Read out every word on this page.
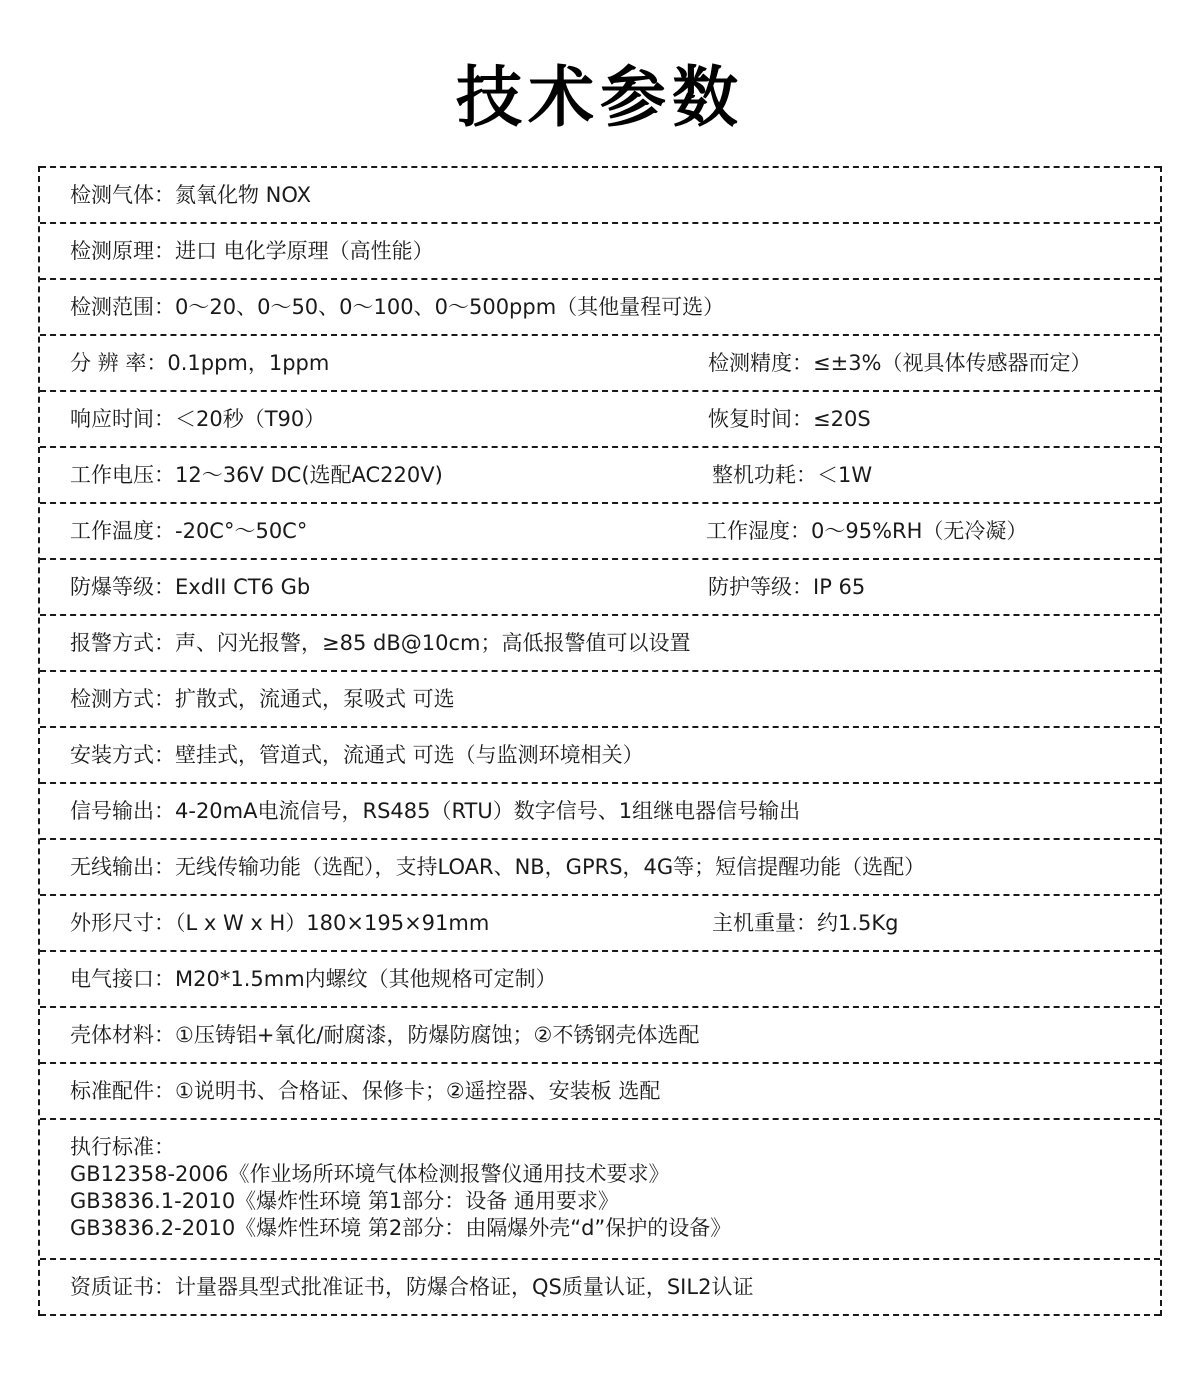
技术参数
检测气体：氮氧化物 NOX
检测原理：进口 电化学原理（高性能）
检测范围：0～20、0～50、0～100、0～500ppm（其他量程可选）
分 辨 率：0.1ppm，1ppm	检测精度：≤±3%（视具体传感器而定）
响应时间：＜20秒（T90）	恢复时间：≤20S
工作电压：12～36V DC(选配AC220V)	整机功耗：＜1W
工作温度：-20C°～50C°	工作湿度：0～95%RH（无冷凝）
防爆等级：ExdII CT6 Gb	防护等级：IP 65
报警方式：声、闪光报警，≥85 dB@10cm；高低报警值可以设置
检测方式：扩散式，流通式，泵吸式 可选
安装方式：壁挂式，管道式，流通式 可选（与监测环境相关）
信号输出：4-20mA电流信号，RS485（RTU）数字信号、1组继电器信号输出
无线输出：无线传输功能（选配），支持LOAR、NB，GPRS，4G等；短信提醒功能（选配）
外形尺寸：（L x W x H）180×195×91mm	主机重量：约1.5Kg
电气接口：M20*1.5mm内螺纹（其他规格可定制）
壳体材料：①压铸铝+氧化/耐腐漆，防爆防腐蚀；②不锈钢壳体选配
标准配件：①说明书、合格证、保修卡；②遥控器、安装板 选配
执行标准：
GB12358-2006《作业场所环境气体检测报警仪通用技术要求》
GB3836.1-2010《爆炸性环境 第1部分：设备 通用要求》
GB3836.2-2010《爆炸性环境 第2部分：由隔爆外壳“d”保护的设备》
资质证书：计量器具型式批准证书，防爆合格证，QS质量认证，SIL2认证
